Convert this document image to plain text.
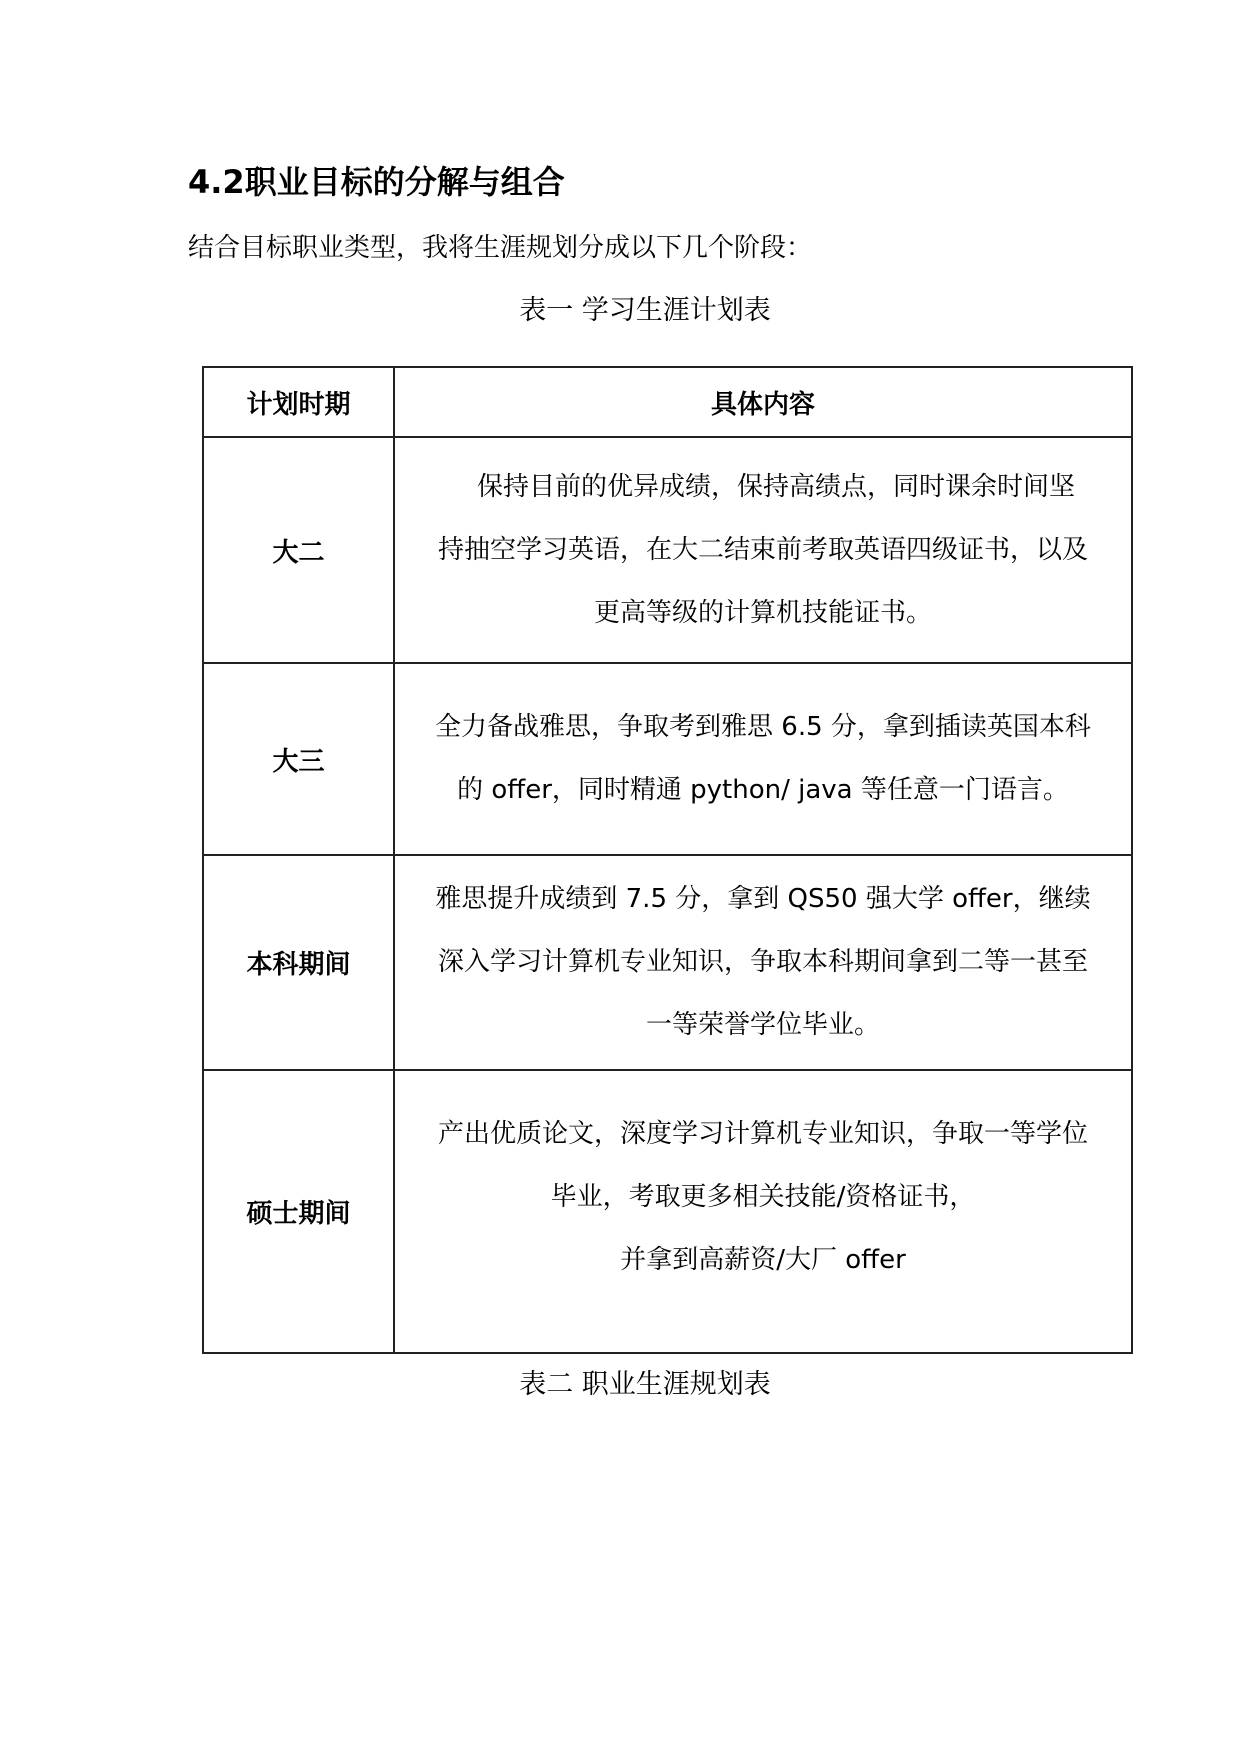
4.2职业目标的分解与组合
结合目标职业类型，我将生涯规划分成以下几个阶段：
表一 学习生涯计划表
计划时期	具体内容
大二	　保持目前的优异成绩，保持高绩点，同时课余时间坚
持抽空学习英语，在大二结束前考取英语四级证书，以及
更高等级的计算机技能证书。

大三	全力备战雅思，争取考到雅思 6.5 分，拿到插读英国本科
的 offer，同时精通 python/ java 等任意一门语言。

本科期间	雅思提升成绩到 7.5 分，拿到 QS50 强大学 offer，继续
深入学习计算机专业知识，争取本科期间拿到二等一甚至
一等荣誉学位毕业。

硕士期间	产出优质论文，深度学习计算机专业知识，争取一等学位
毕业，考取更多相关技能/资格证书，
并拿到高薪资/大厂 offer
表二 职业生涯规划表
